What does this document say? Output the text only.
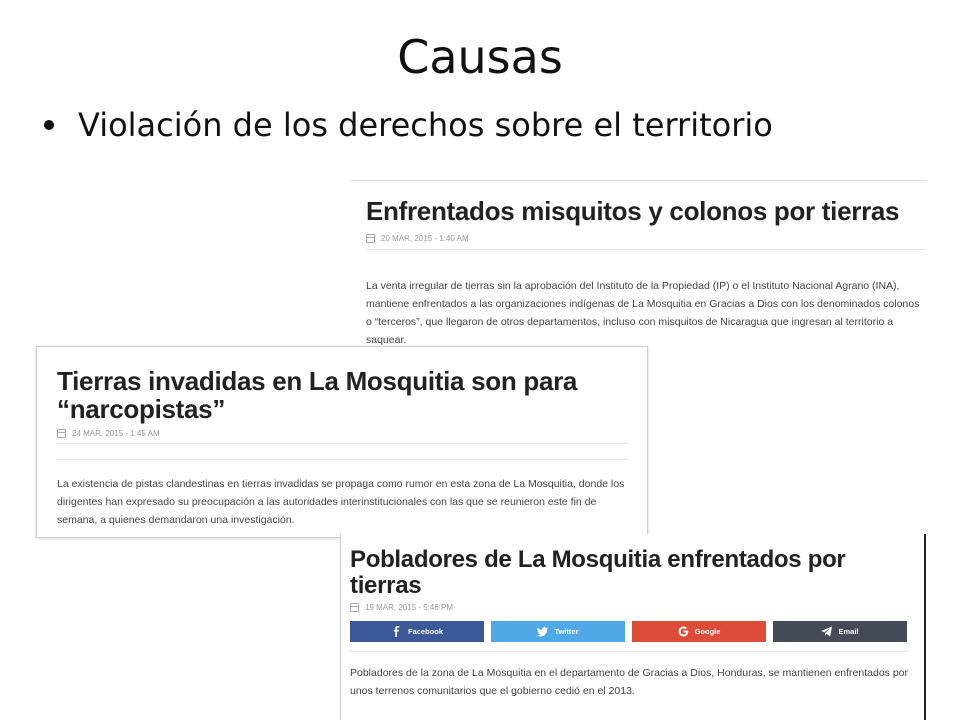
Causas
Violación de los derechos sobre el territorio
Enfrentados misquitos y colonos por tierras
20 MAR, 2015 - 1:40 AM

La venta irregular de tierras sin la aprobación del Instituto de la Propiedad (IP) o el Instituto Nacional Agrario (INA), mantiene enfrentados a las organizaciones indígenas de La Mosquitia en Gracias a Dios con los denominados colonos o “terceros”, que llegaron de otros departamentos, incluso con misquitos de Nicaragua que ingresan al territorio a saquear.

Tierras invadidas en La Mosquitia son para “narcopistas”
24 MAR, 2015 - 1:45 AM

La existencia de pistas clandestinas en tierras invadidas se propaga como rumor en esta zona de La Mosquitia, donde los dirigentes han expresado su preocupación a las autoridades interinstitucionales con las que se reunieron este fin de semana, a quienes demandaron una investigación.

Pobladores de La Mosquitia enfrentados por tierras
19 MAR, 2015 - 5:46 PM
Facebook	Twitter	Google	Email

Pobladores de la zona de La Mosquitia en el departamento de Gracias a Dios, Honduras, se mantienen enfrentados por unos terrenos comunitarios que el gobierno cedió en el 2013.
